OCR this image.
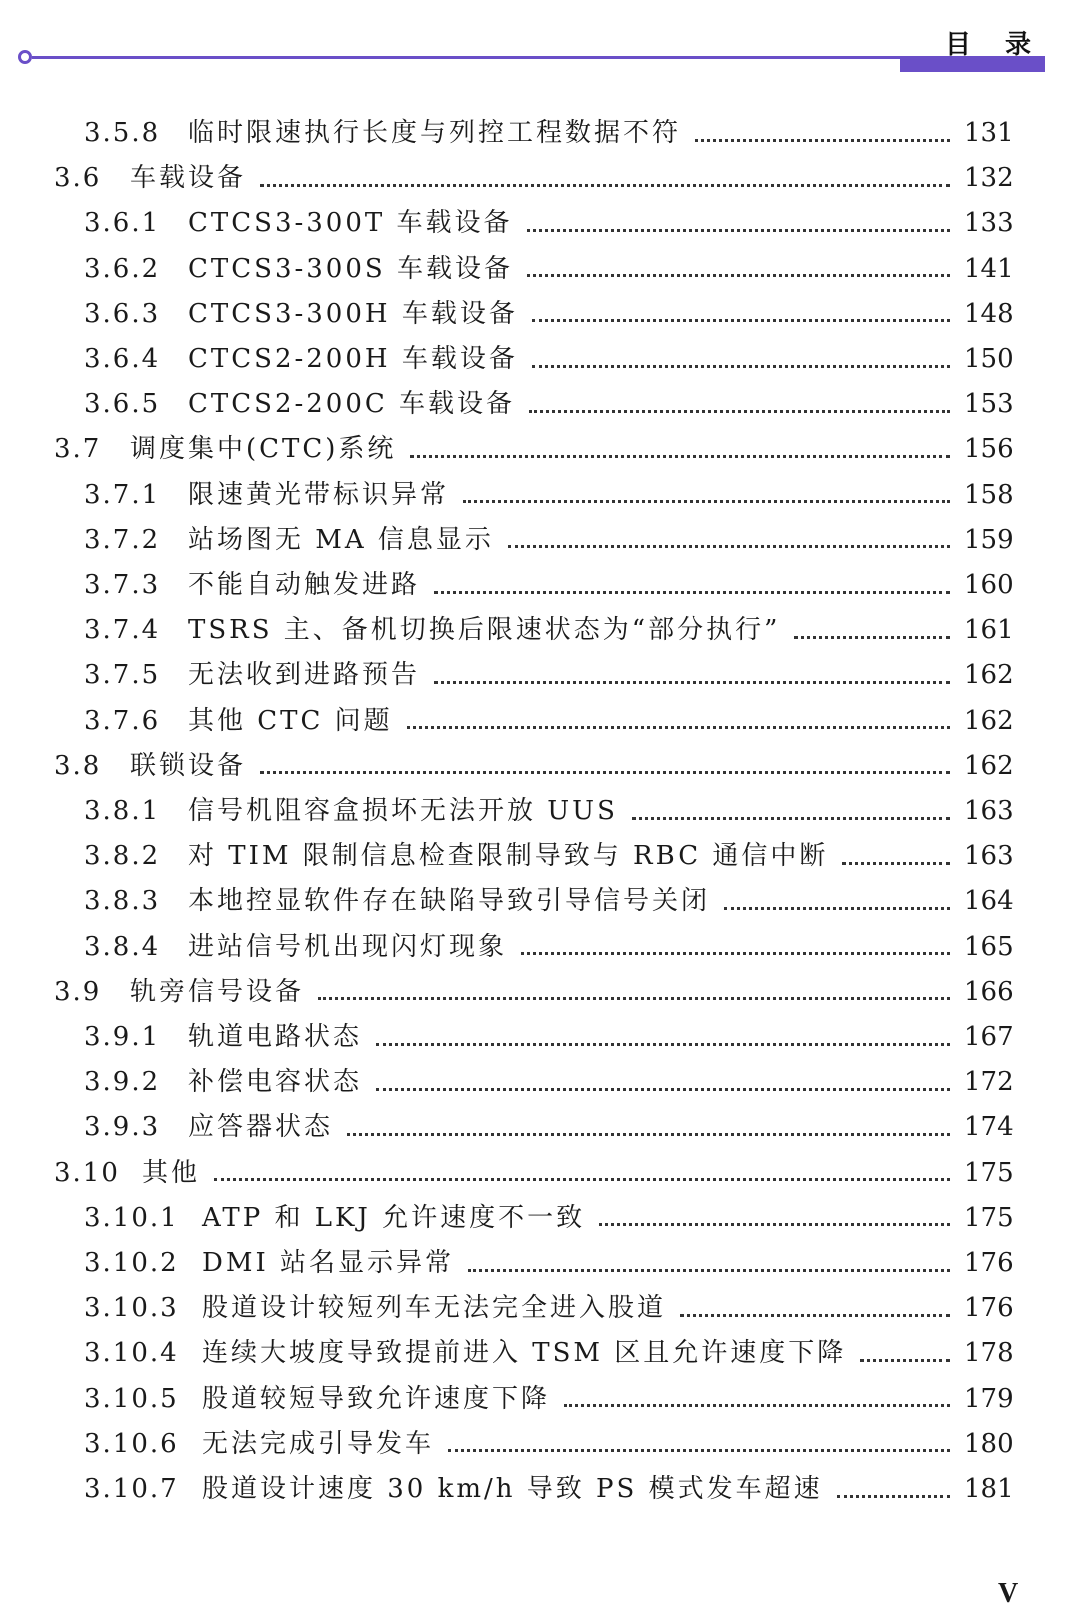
目录
3.5.8	临时限速执行长度与列控工程数据不符	131
3.6	车载设备	132
3.6.1	CTCS3-300T 车载设备	133
3.6.2	CTCS3-300S 车载设备	141
3.6.3	CTCS3-300H 车载设备	148
3.6.4	CTCS2-200H 车载设备	150
3.6.5	CTCS2-200C 车载设备	153
3.7	调度集中(CTC)系统	156
3.7.1	限速黄光带标识异常	158
3.7.2	站场图无 MA 信息显示	159
3.7.3	不能自动触发进路	160
3.7.4	TSRS 主、备机切换后限速状态为“部分执行”	161
3.7.5	无法收到进路预告	162
3.7.6	其他 CTC 问题	162
3.8	联锁设备	162
3.8.1	信号机阻容盒损坏无法开放 UUS	163
3.8.2	对 TIM 限制信息检查限制导致与 RBC 通信中断	163
3.8.3	本地控显软件存在缺陷导致引导信号关闭	164
3.8.4	进站信号机出现闪灯现象	165
3.9	轨旁信号设备	166
3.9.1	轨道电路状态	167
3.9.2	补偿电容状态	172
3.9.3	应答器状态	174
3.10 其他	175
3.10.1 ATP 和 LKJ 允许速度不一致	175
3.10.2 DMI 站名显示异常	176
3.10.3 股道设计较短列车无法完全进入股道	176
3.10.4 连续大坡度导致提前进入 TSM 区且允许速度下降	178
3.10.5 股道较短导致允许速度下降	179
3.10.6 无法完成引导发车	180
3.10.7 股道设计速度 30 km/h 导致 PS 模式发车超速	181
V
